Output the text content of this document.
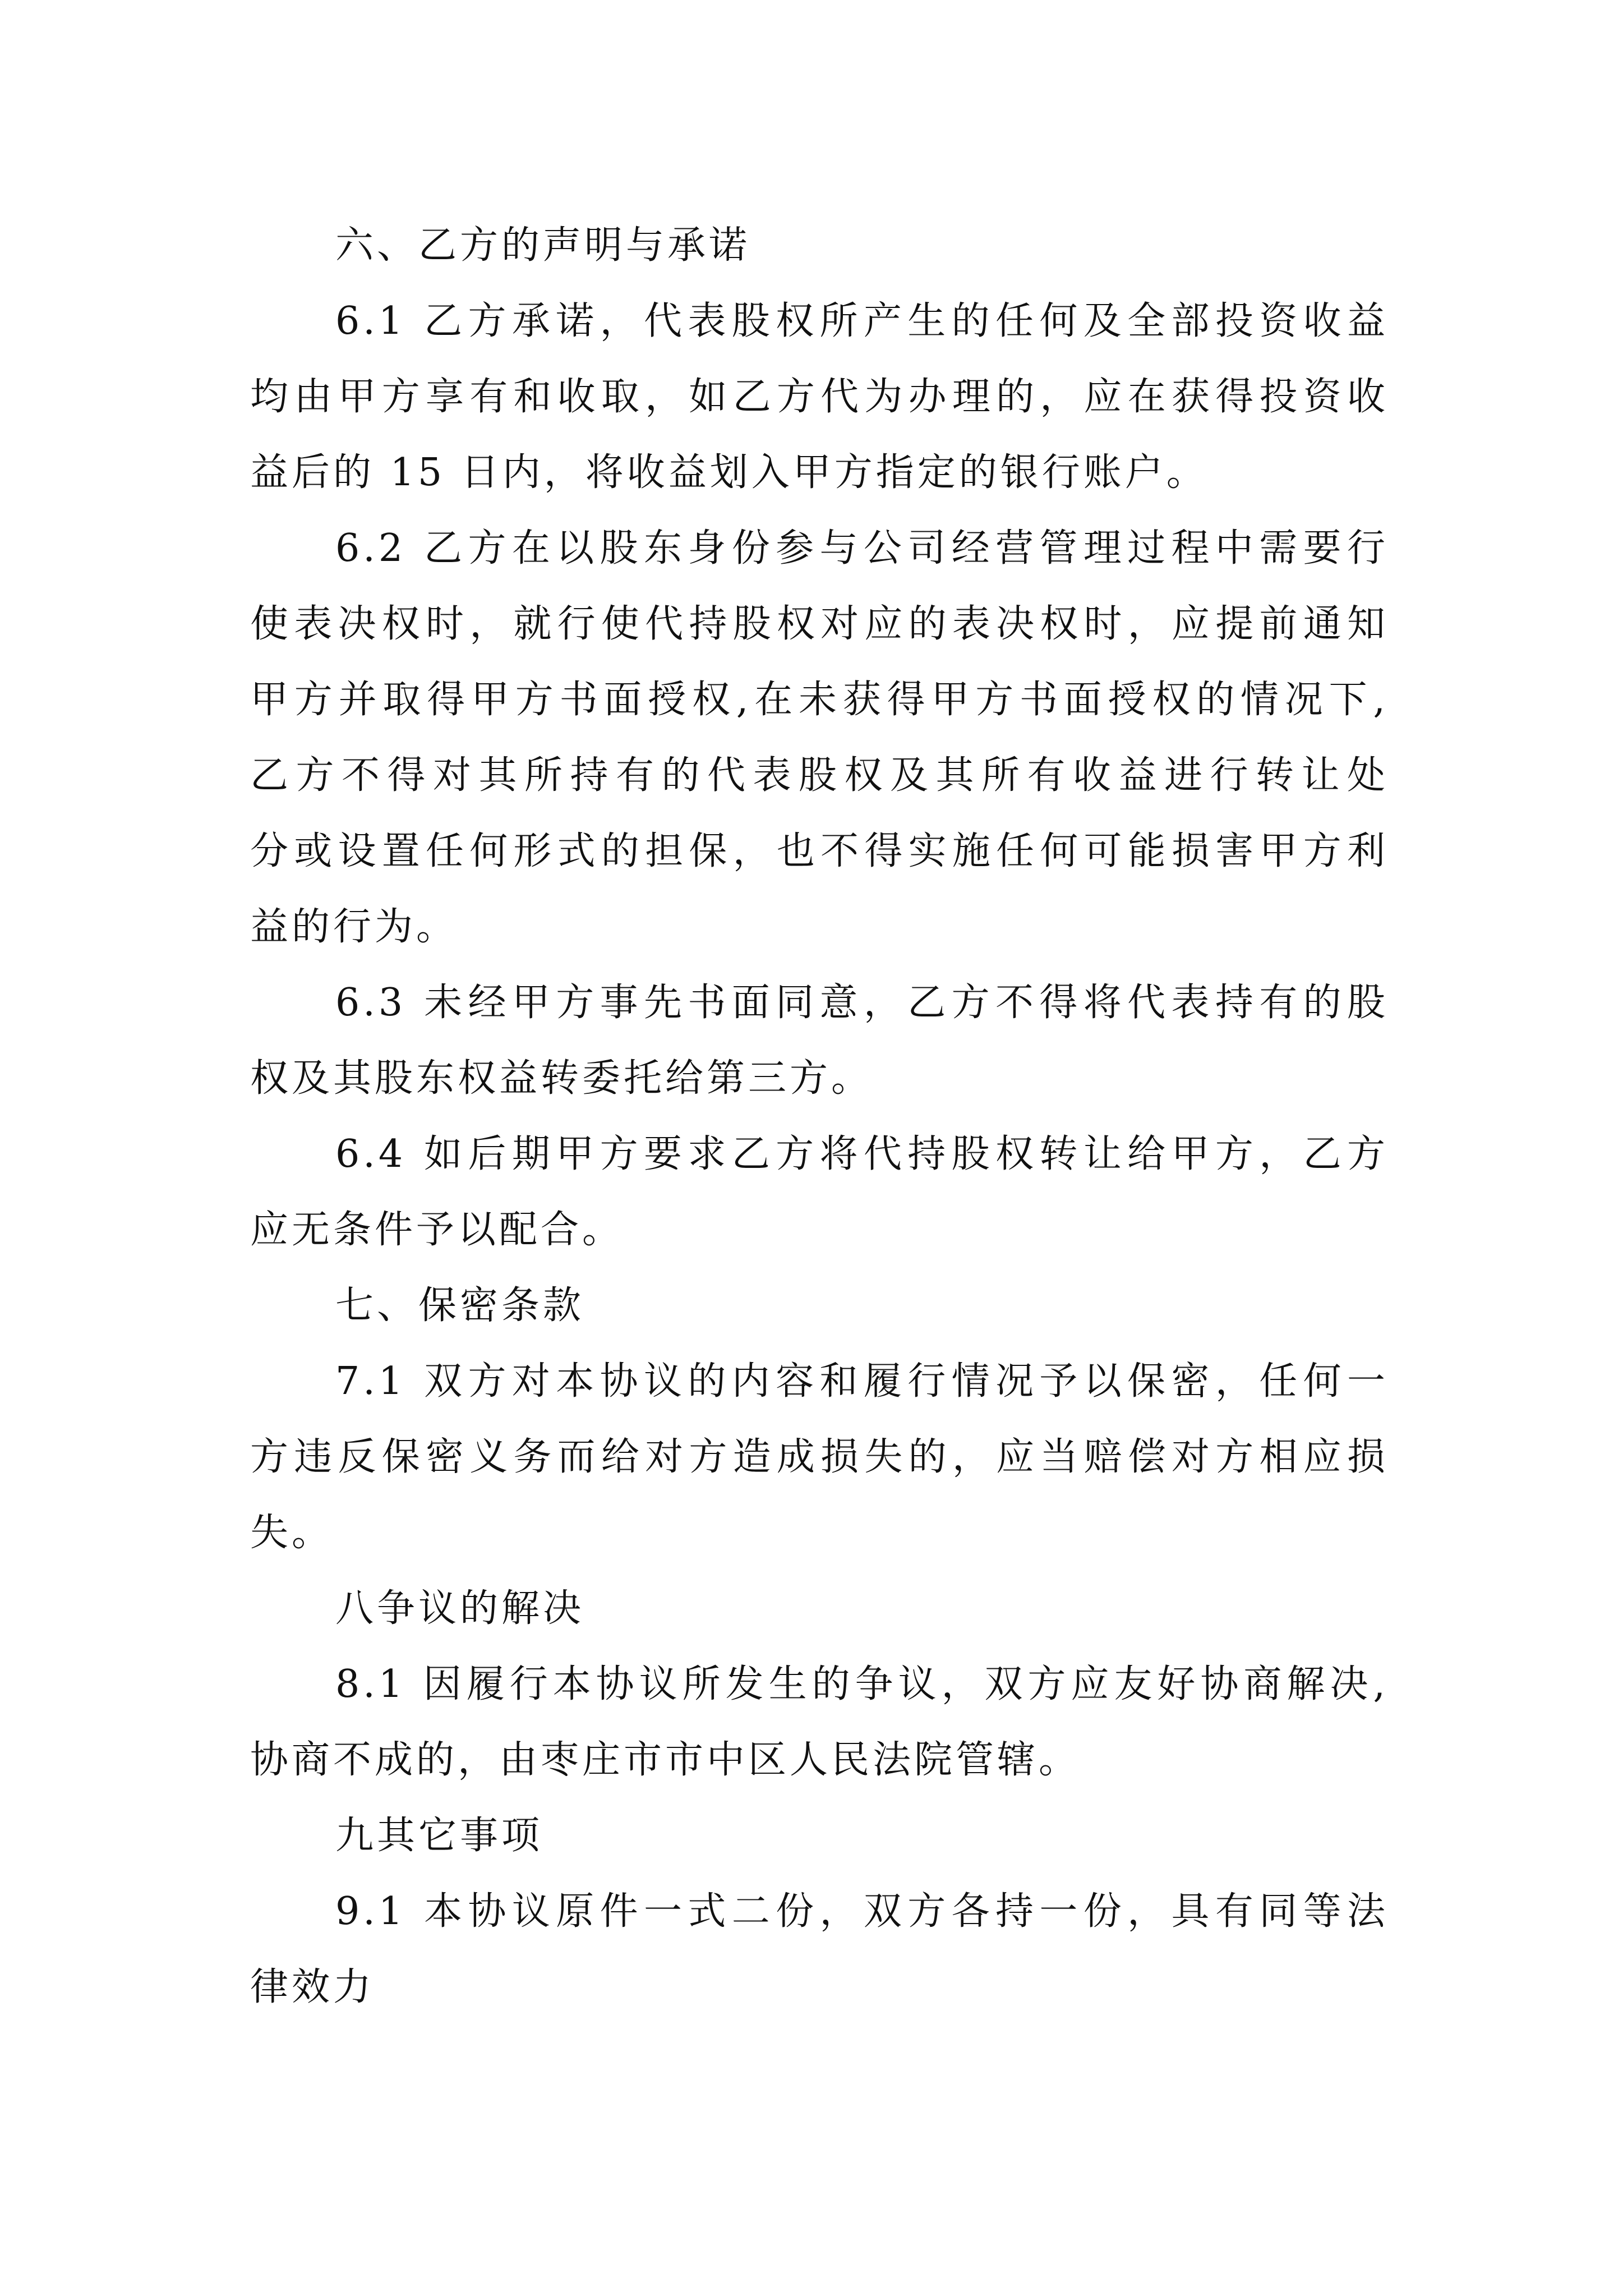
六、乙方的声明与承诺
6.1 乙方承诺，代表股权所产生的任何及全部投资收益
均由甲方享有和收取，如乙方代为办理的，应在获得投资收
益后的 15 日内，将收益划入甲方指定的银行账户。
6.2 乙方在以股东身份参与公司经营管理过程中需要行
使表决权时，就行使代持股权对应的表决权时，应提前通知
甲方并取得甲方书面授权,在未获得甲方书面授权的情况下,
乙方不得对其所持有的代表股权及其所有收益进行转让处
分或设置任何形式的担保，也不得实施任何可能损害甲方利
益的行为。
6.3 未经甲方事先书面同意，乙方不得将代表持有的股
权及其股东权益转委托给第三方。
6.4 如后期甲方要求乙方将代持股权转让给甲方，乙方
应无条件予以配合。
七、保密条款
7.1 双方对本协议的内容和履行情况予以保密，任何一
方违反保密义务而给对方造成损失的，应当赔偿对方相应损
失。
八争议的解决
8.1 因履行本协议所发生的争议，双方应友好协商解决,
协商不成的，由枣庄市市中区人民法院管辖。
九其它事项
9.1 本协议原件一式二份，双方各持一份，具有同等法
律效力
